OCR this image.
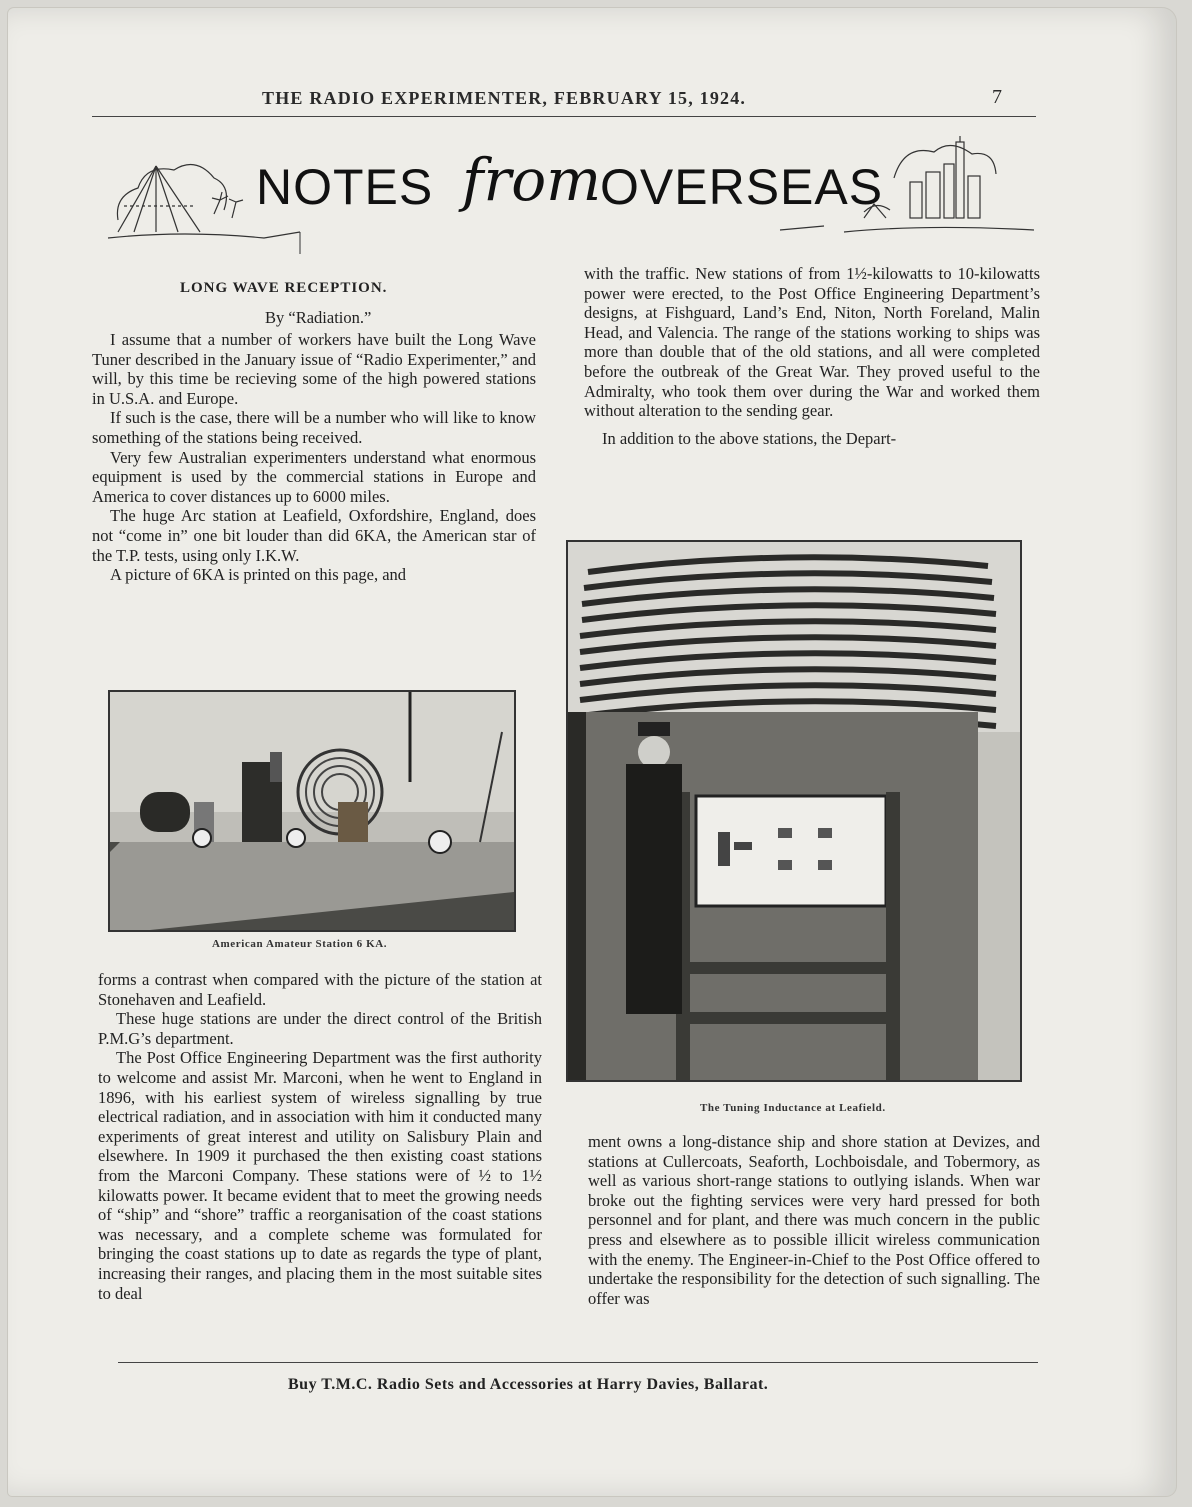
THE RADIO EXPERIMENTER, FEBRUARY 15, 1924.	7
NOTES from
OVERSEAS
LONG WAVE RECEPTION.
By “Radiation.”

I assume that a number of workers have built the Long Wave Tuner described in the January issue of “Radio Experimenter,” and will, by this time be recieving some of the high powered stations in U.S.A. and Europe.

If such is the case, there will be a number who will like to know something of the stations being received.

Very few Australian experimenters understand what enormous equipment is used by the commercial stations in Europe and America to cover distances up to 6000 miles.

The huge Arc station at Leafield, Oxfordshire, England, does not “come in” one bit louder than did 6KA, the American star of the T.P. tests, using only I.K.W.

A picture of 6KA is printed on this page, and

American Amateur Station 6 KA.

forms a contrast when compared with the picture of the station at Stonehaven and Leafield.

These huge stations are under the direct control of the British P.M.G’s department.

The Post Office Engineering Department was the first authority to welcome and assist Mr. Marconi, when he went to England in 1896, with his earliest system of wireless signalling by true electrical radiation, and in association with him it conducted many experiments of great interest and utility on Salisbury Plain and elsewhere. In 1909 it purchased the then existing coast stations from the Marconi Company. These stations were of ½ to 1½ kilowatts power. It became evident that to meet the growing needs of “ship” and “shore” traffic a reorganisation of the coast stations was necessary, and a complete scheme was formulated for bringing the coast stations up to date as regards the type of plant, increasing their ranges, and placing them in the most suitable sites to deal

with the traffic. New stations of from 1½-kilowatts to 10-kilowatts power were erected, to the Post Office Engineering Department’s designs, at Fishguard, Land’s End, Niton, North Foreland, Malin Head, and Valencia. The range of the stations working to ships was more than double that of the old stations, and all were completed before the outbreak of the Great War. They proved useful to the Admiralty, who took them over during the War and worked them without alteration to the sending gear.

In addition to the above stations, the Depart-

The Tuning Inductance at Leafield.

ment owns a long-distance ship and shore station at Devizes, and stations at Cullercoats, Seaforth, Lochboisdale, and Tobermory, as well as various short-range stations to outlying islands. When war broke out the fighting services were very hard pressed for both personnel and for plant, and there was much concern in the public press and elsewhere as to possible illicit wireless communication with the enemy. The Engineer-in-Chief to the Post Office offered to undertake the responsibility for the detection of such signalling. The offer was

Buy T.M.C. Radio Sets and Accessories at Harry Davies, Ballarat.
